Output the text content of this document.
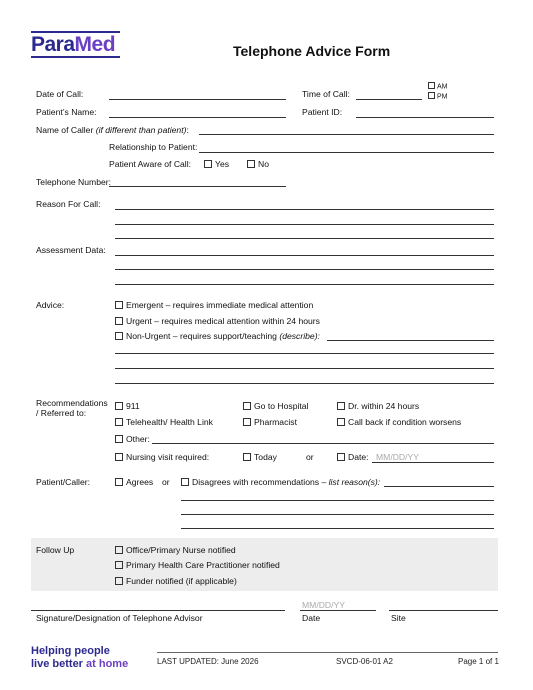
ParaMed	Telephone Advice Form
Date of Call:	Time of Call:
AM
PM
Patient’s Name:	Patient ID:
Name of Caller (if different than patient):
Relationship to Patient:
Patient Aware of Call:	Yes	No
Telephone Number:
Reason For Call:
Assessment Data:
Advice:	Emergent – requires immediate medical attention
Urgent – requires medical attention within 24 hours
Non-Urgent – requires support/teaching (describe):
Recommendations
/ Referred to:
911	Go to Hospital	Dr. within 24 hours
Telehealth/ Health Link	Pharmacist	Call back if condition worsens
Other:
Nursing visit required:	Today	or	Date: MM/DD/YY
Patient/Caller:	Agrees or	Disagrees with recommendations – list reason(s):
Follow Up	Office/Primary Nurse notified
Primary Health Care Practitioner notified
Funder notified (if applicable)
Signature/Designation of Telephone Advisor
MM/DD/YY
Date	Site
Helping people
live better at home	LAST UPDATED: June 2026	SVCD-06-01 A2	Page 1 of 1
